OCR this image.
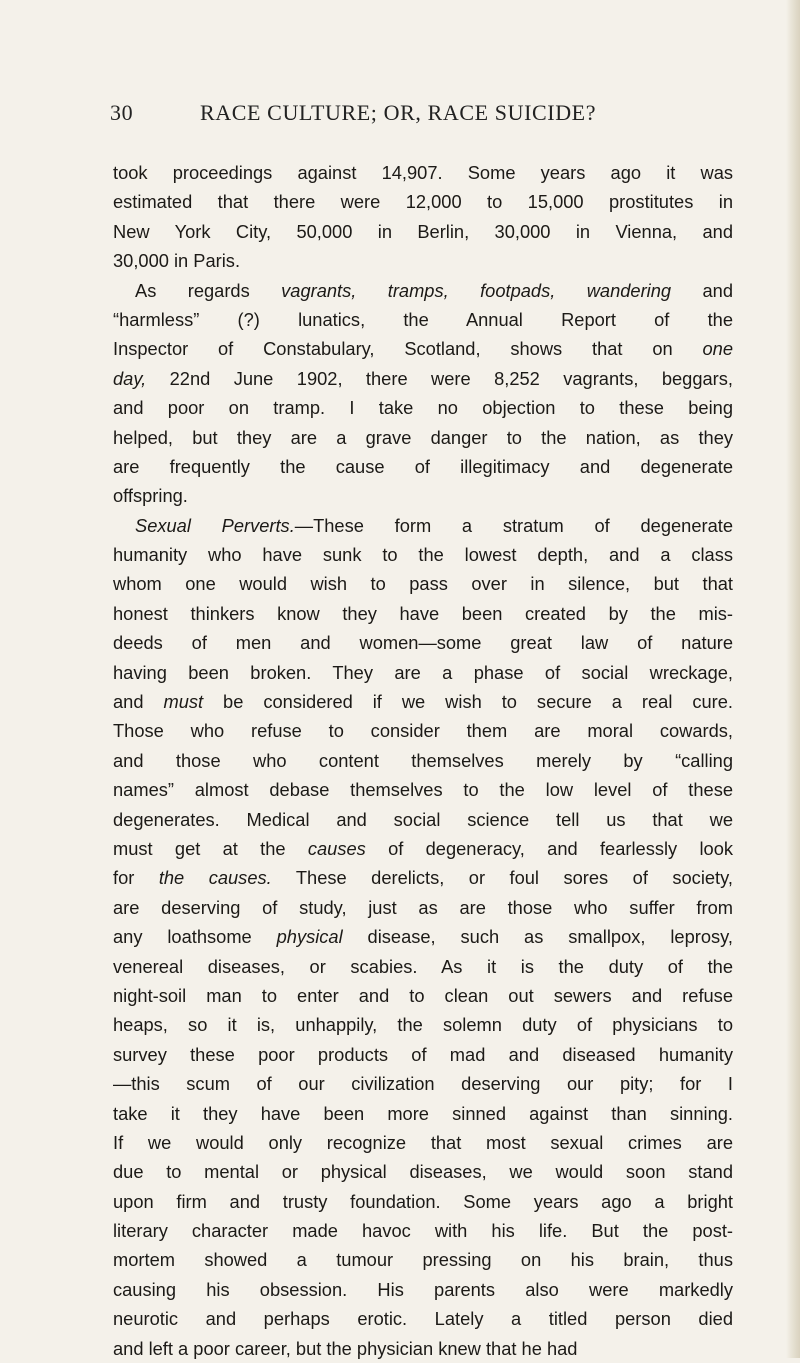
30	RACE CULTURE; OR, RACE SUICIDE?
took proceedings against 14,907. Some years ago it was
estimated that there were 12,000 to 15,000 prostitutes in
New York City, 50,000 in Berlin, 30,000 in Vienna, and
30,000 in Paris.
As regards vagrants, tramps, footpads, wandering and
“harmless” (?) lunatics, the Annual Report of the
Inspector of Constabulary, Scotland, shows that on one
day, 22nd June 1902, there were 8,252 vagrants, beggars,
and poor on tramp. I take no objection to these being
helped, but they are a grave danger to the nation, as they
are frequently the cause of illegitimacy and degenerate
offspring.
Sexual Perverts.—These form a stratum of degenerate
humanity who have sunk to the lowest depth, and a class
whom one would wish to pass over in silence, but that
honest thinkers know they have been created by the mis-
deeds of men and women—some great law of nature
having been broken. They are a phase of social wreckage,
and must be considered if we wish to secure a real cure.
Those who refuse to consider them are moral cowards,
and those who content themselves merely by “calling
names” almost debase themselves to the low level of these
degenerates. Medical and social science tell us that we
must get at the causes of degeneracy, and fearlessly look
for the causes. These derelicts, or foul sores of society,
are deserving of study, just as are those who suffer from
any loathsome physical disease, such as smallpox, leprosy,
venereal diseases, or scabies. As it is the duty of the
night-soil man to enter and to clean out sewers and refuse
heaps, so it is, unhappily, the solemn duty of physicians to
survey these poor products of mad and diseased humanity
—this scum of our civilization deserving our pity; for I
take it they have been more sinned against than sinning.
If we would only recognize that most sexual crimes are
due to mental or physical diseases, we would soon stand
upon firm and trusty foundation. Some years ago a bright
literary character made havoc with his life. But the post-
mortem showed a tumour pressing on his brain, thus
causing his obsession. His parents also were markedly
neurotic and perhaps erotic. Lately a titled person died
and left a poor career, but the physician knew that he had
